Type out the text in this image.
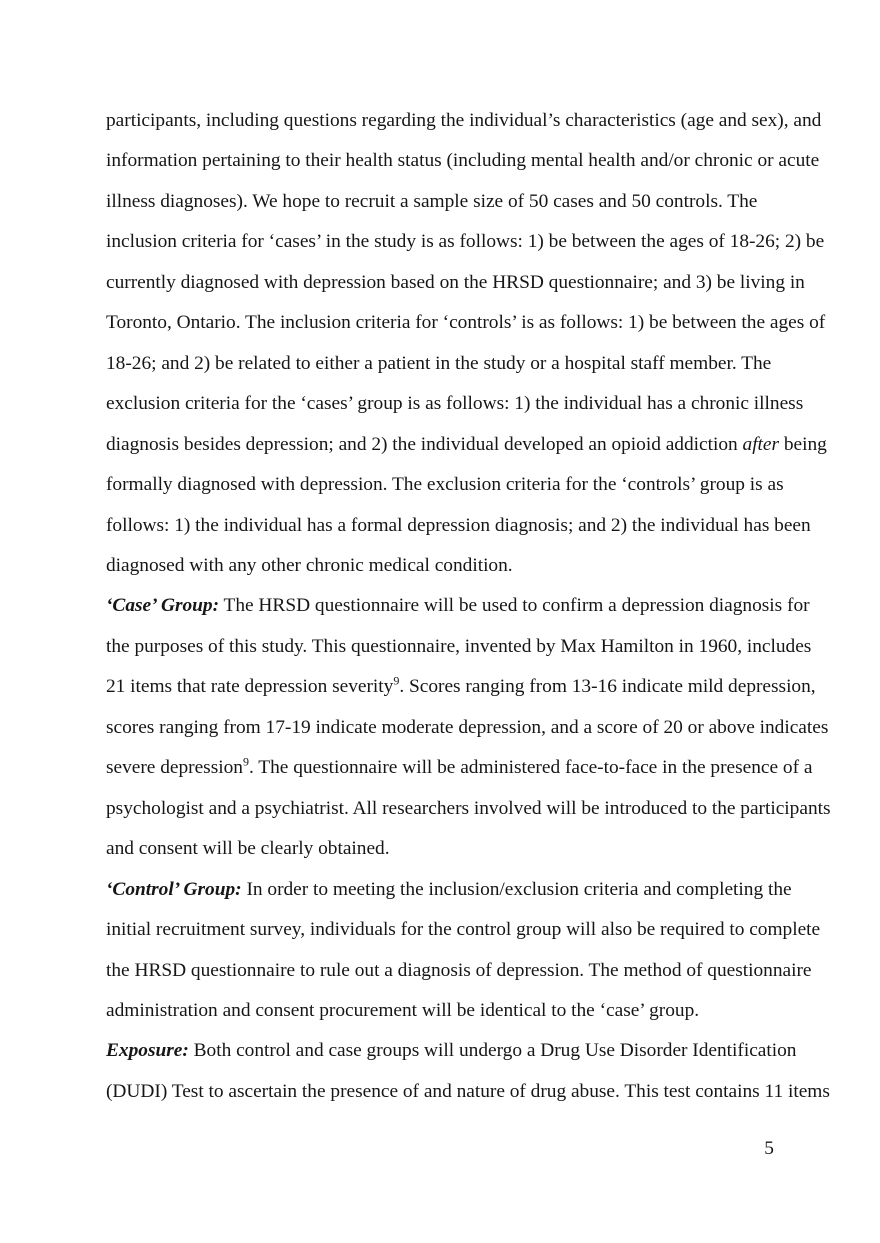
participants, including questions regarding the individual’s characteristics (age and sex), and
information pertaining to their health status (including mental health and/or chronic or acute
illness diagnoses). We hope to recruit a sample size of 50 cases and 50 controls. The
inclusion criteria for ‘cases’ in the study is as follows: 1) be between the ages of 18-26; 2) be
currently diagnosed with depression based on the HRSD questionnaire; and 3) be living in
Toronto, Ontario. The inclusion criteria for ‘controls’ is as follows: 1) be between the ages of
18-26; and 2) be related to either a patient in the study or a hospital staff member. The
exclusion criteria for the ‘cases’ group is as follows: 1) the individual has a chronic illness
diagnosis besides depression; and 2) the individual developed an opioid addiction after being
formally diagnosed with depression. The exclusion criteria for the ‘controls’ group is as
follows: 1) the individual has a formal depression diagnosis; and 2) the individual has been
diagnosed with any other chronic medical condition.
‘Case’ Group: The HRSD questionnaire will be used to confirm a depression diagnosis for
the purposes of this study. This questionnaire, invented by Max Hamilton in 1960, includes
21 items that rate depression severity$^9$. Scores ranging from 13-16 indicate mild depression,
scores ranging from 17-19 indicate moderate depression, and a score of 20 or above indicates
severe depression$^9$. The questionnaire will be administered face-to-face in the presence of a
psychologist and a psychiatrist. All researchers involved will be introduced to the participants
and consent will be clearly obtained.
‘Control’ Group: In order to meeting the inclusion/exclusion criteria and completing the
initial recruitment survey, individuals for the control group will also be required to complete
the HRSD questionnaire to rule out a diagnosis of depression. The method of questionnaire
administration and consent procurement will be identical to the ‘case’ group.
Exposure: Both control and case groups will undergo a Drug Use Disorder Identification
(DUDI) Test to ascertain the presence of and nature of drug abuse. This test contains 11 items
5
